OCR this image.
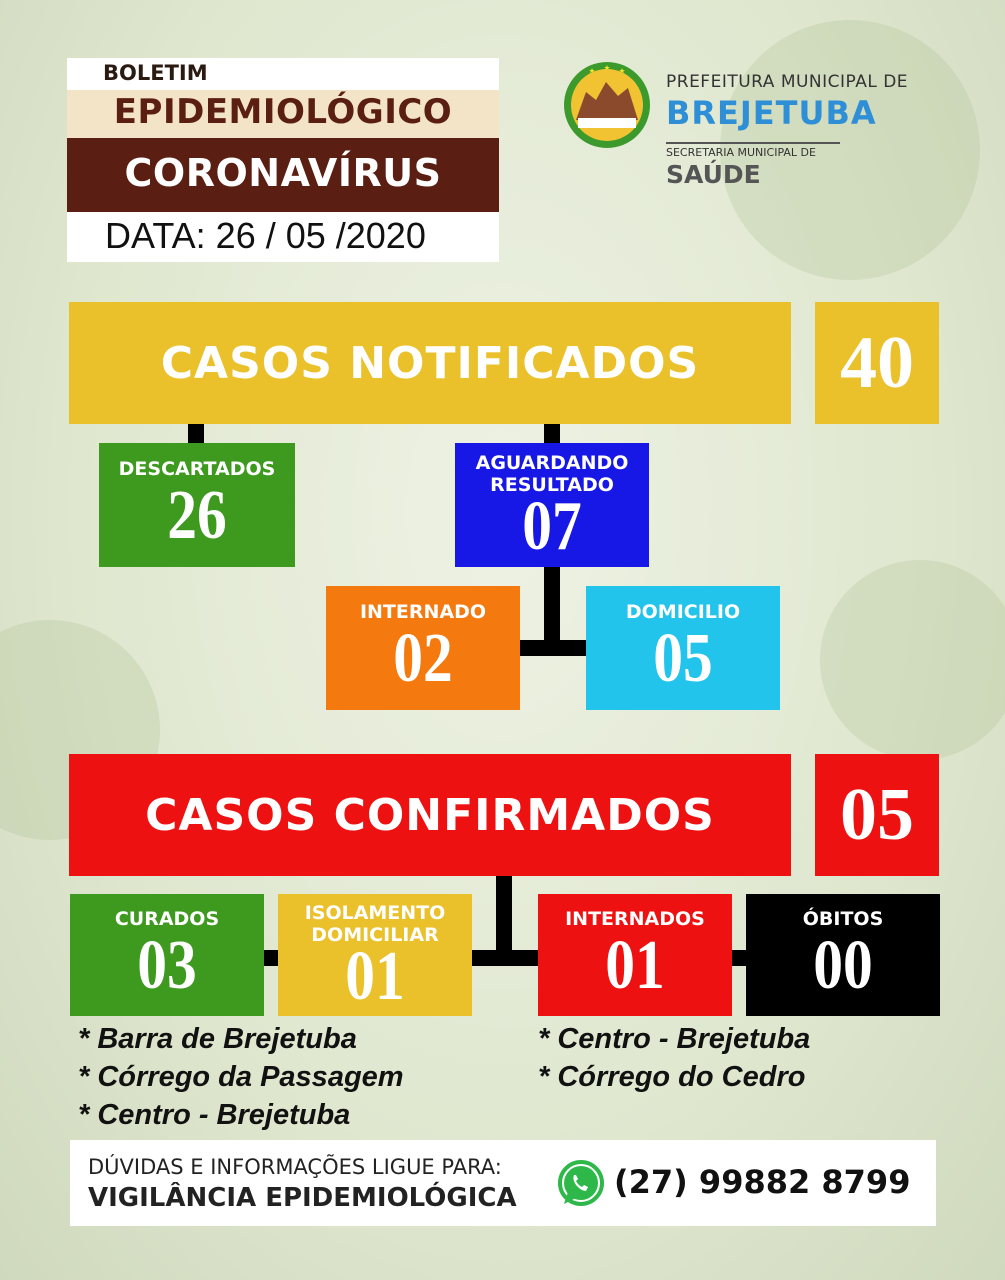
BOLETIM
EPIDEMIOLÓGICO
CORONAVÍRUS
DATA: 26 / 05 /2020
PREFEITURA MUNICIPAL DE
BREJETUBA
SECRETARIA MUNICIPAL DE
SAÚDE
CASOS NOTIFICADOS 40
DESCARTADOS
26
AGUARDANDO RESULTADO
07
INTERNADO
02
DOMICILIO
05
CASOS CONFIRMADOS 05
CURADOS
03
ISOLAMENTO DOMICILIAR
01
INTERNADOS
01
ÓBITOS
00
* Barra de Brejetuba
* Córrego da Passagem
* Centro - Brejetuba
* Centro - Brejetuba
* Córrego do Cedro
DÚVIDAS E INFORMAÇÕES LIGUE PARA:
VIGILÂNCIA EPIDEMIOLÓGICA	(27) 99882 8799
